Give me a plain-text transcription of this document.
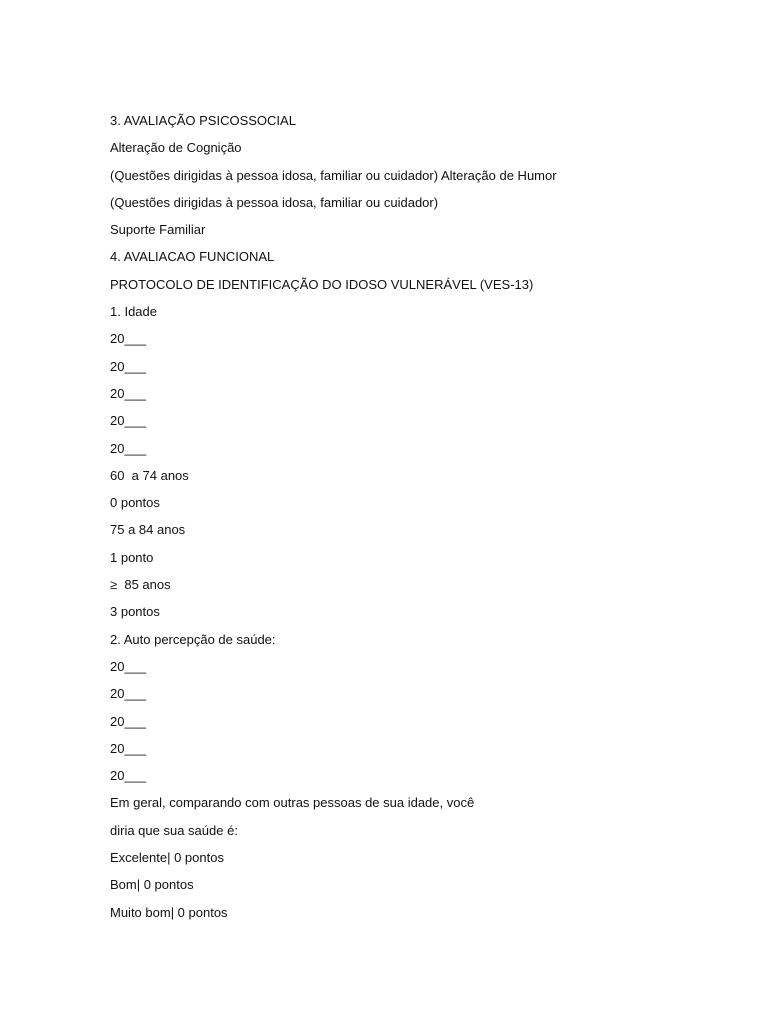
3. AVALIAÇÃO PSICOSSOCIAL
Alteração de Cognição
(Questões dirigidas à pessoa idosa, familiar ou cuidador) Alteração de Humor
(Questões dirigidas à pessoa idosa, familiar ou cuidador)
Suporte Familiar
4. AVALIACAO FUNCIONAL
PROTOCOLO DE IDENTIFICAÇÃO DO IDOSO VULNERÁVEL (VES-13)
1. Idade
20___
20___
20___
20___
20___
60  a 74 anos
0 pontos
75 a 84 anos
1 ponto
≥  85 anos
3 pontos
2. Auto percepção de saúde:
20___
20___
20___
20___
20___
Em geral, comparando com outras pessoas de sua idade, você
diria que sua saúde é:
Excelente| 0 pontos
Bom| 0 pontos
Muito bom| 0 pontos
